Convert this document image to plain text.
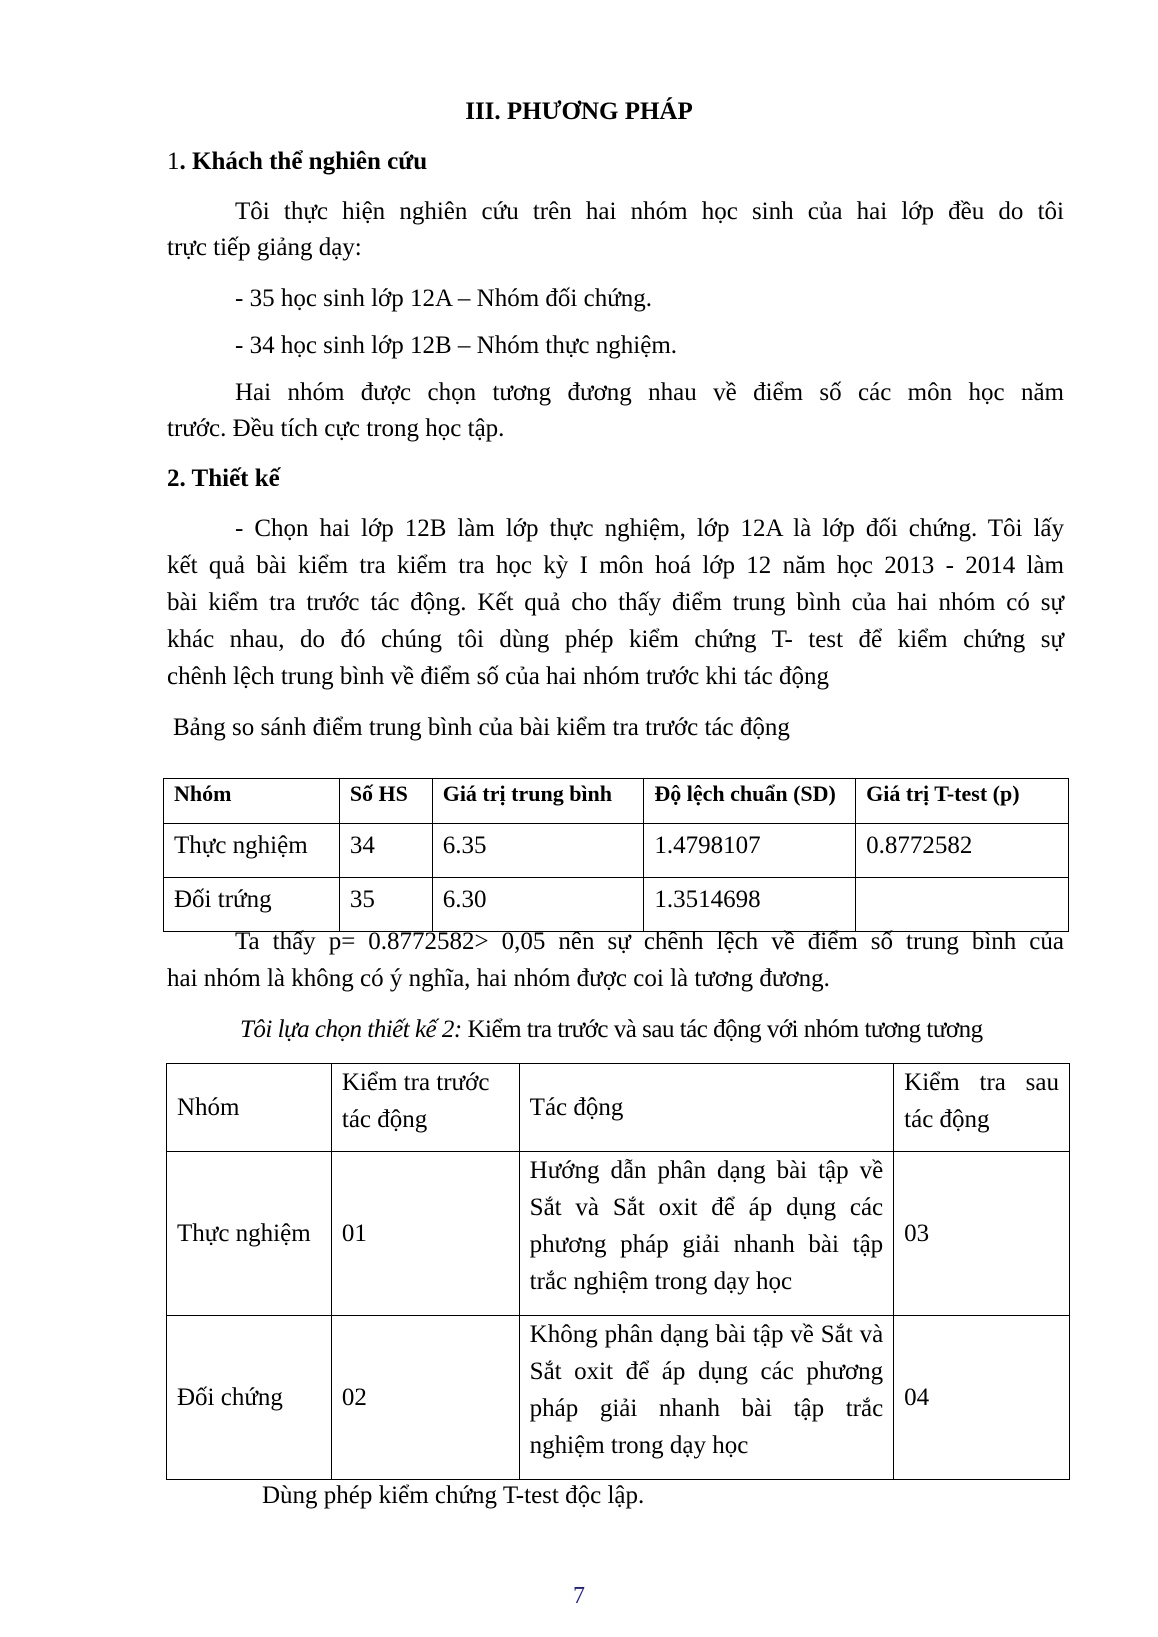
III. PHƯƠNG PHÁP
1. Khách thể nghiên cứu
Tôi thực hiện nghiên cứu trên hai nhóm học sinh của hai lớp đều do tôi
trực tiếp giảng dạy:
- 35 học sinh lớp 12A – Nhóm đối chứng.
- 34 học sinh lớp 12B – Nhóm thực nghiệm.
Hai nhóm được chọn tương đương nhau về điểm số các môn học năm
trước. Đều tích cực trong học tập.
2. Thiết kế
- Chọn hai lớp 12B làm lớp thực nghiệm, lớp 12A là lớp đối chứng. Tôi lấy
kết quả bài kiểm tra kiểm tra học kỳ I môn hoá lớp 12 năm học 2013 - 2014 làm
bài kiểm tra trước tác động. Kết quả cho thấy điểm trung bình của hai nhóm có sự
khác nhau, do đó chúng tôi dùng phép kiểm chứng T- test để kiểm chứng sự
chênh lệch trung bình về điểm số của hai nhóm trước khi tác động
Bảng so sánh điểm trung bình của bài kiểm tra trước tác động
Nhóm	Số HS	Giá trị trung bình	Độ lệch chuẩn (SD)	Giá trị T-test (p)
Thực nghiệm	34	6.35	1.4798107	0.8772582
Đối trứng	35	6.30	1.3514698	
Ta thấy p= 0.8772582> 0,05 nên sự chênh lệch về điểm số trung bình của
hai nhóm là không có ý nghĩa, hai nhóm được coi là tương đương.
Tôi lựa chọn thiết kế 2: Kiểm tra trước và sau tác động với nhóm tương tương
Nhóm	Kiểm tra trước tác động	Tác động	Kiểm tra sau tác động
Thực nghiệm	01	Hướng dẫn phân dạng bài tập về Sắt và Sắt oxit để áp dụng các phương pháp giải nhanh bài tập trắc nghiệm trong dạy học	03
Đối chứng	02	Không phân dạng bài tập về Sắt và Sắt oxit để áp dụng các phương pháp giải nhanh bài tập trắc nghiệm trong dạy học	04
Dùng phép kiểm chứng T-test độc lập.
7
